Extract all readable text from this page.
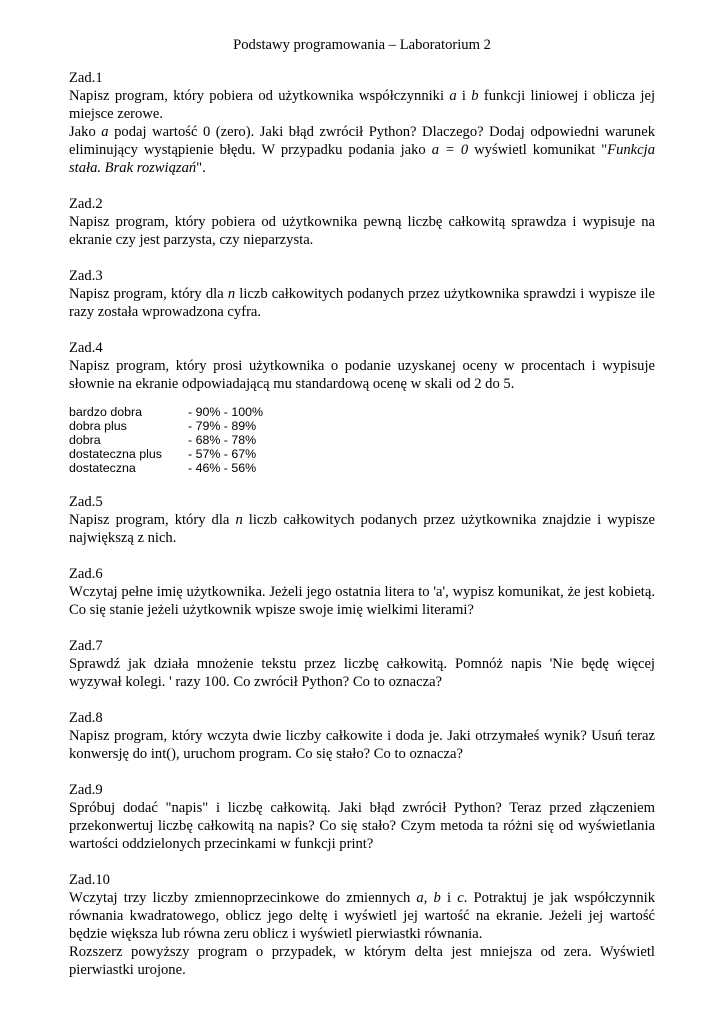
Podstawy programowania – Laboratorium 2
Zad.1

Napisz program, który pobiera od użytkownika współczynniki a i b funkcji liniowej i oblicza jej miejsce zerowe.

Jako a podaj wartość 0 (zero). Jaki błąd zwrócił Python? Dlaczego? Dodaj odpowiedni warunek eliminujący wystąpienie błędu. W przypadku podania jako a = 0 wyświetl komunikat "Funkcja stała. Brak rozwiązań".

Zad.2

Napisz program, który pobiera od użytkownika pewną liczbę całkowitą sprawdza i wypisuje na ekranie czy jest parzysta, czy nieparzysta.

Zad.3

Napisz program, który dla n liczb całkowitych podanych przez użytkownika sprawdzi i wypisze ile razy została wprowadzona cyfra.

Zad.4

Napisz program, który prosi użytkownika o podanie uzyskanej oceny w procentach i wypisuje słownie na ekranie odpowiadającą mu standardową ocenę w skali od 2 do 5.

bardzo dobra	- 90% - 100%
dobra plus	- 79% - 89%
dobra	- 68% - 78%
dostateczna plus	- 57% - 67%
dostateczna	- 46% - 56%
Zad.5

Napisz program, który dla n liczb całkowitych podanych przez użytkownika znajdzie i wypisze największą z nich.

Zad.6

Wczytaj pełne imię użytkownika. Jeżeli jego ostatnia litera to 'a', wypisz komunikat, że jest kobietą. Co się stanie jeżeli użytkownik wpisze swoje imię wielkimi literami?

Zad.7

Sprawdź jak działa mnożenie tekstu przez liczbę całkowitą. Pomnóż napis 'Nie będę więcej wyzywał kolegi. ' razy 100. Co zwrócił Python? Co to oznacza?

Zad.8

Napisz program, który wczyta dwie liczby całkowite i doda je. Jaki otrzymałeś wynik? Usuń teraz konwersję do int(), uruchom program. Co się stało? Co to oznacza?

Zad.9

Spróbuj dodać "napis" i liczbę całkowitą. Jaki błąd zwrócił Python? Teraz przed złączeniem przekonwertuj liczbę całkowitą na napis? Co się stało? Czym metoda ta różni się od wyświetlania wartości oddzielonych przecinkami w funkcji print?

Zad.10

Wczytaj trzy liczby zmiennoprzecinkowe do zmiennych a, b i c. Potraktuj je jak współczynnik równania kwadratowego, oblicz jego deltę i wyświetl jej wartość na ekranie. Jeżeli jej wartość będzie większa lub równa zeru oblicz i wyświetl pierwiastki równania.

Rozszerz powyższy program o przypadek, w którym delta jest mniejsza od zera. Wyświetl pierwiastki urojone.
